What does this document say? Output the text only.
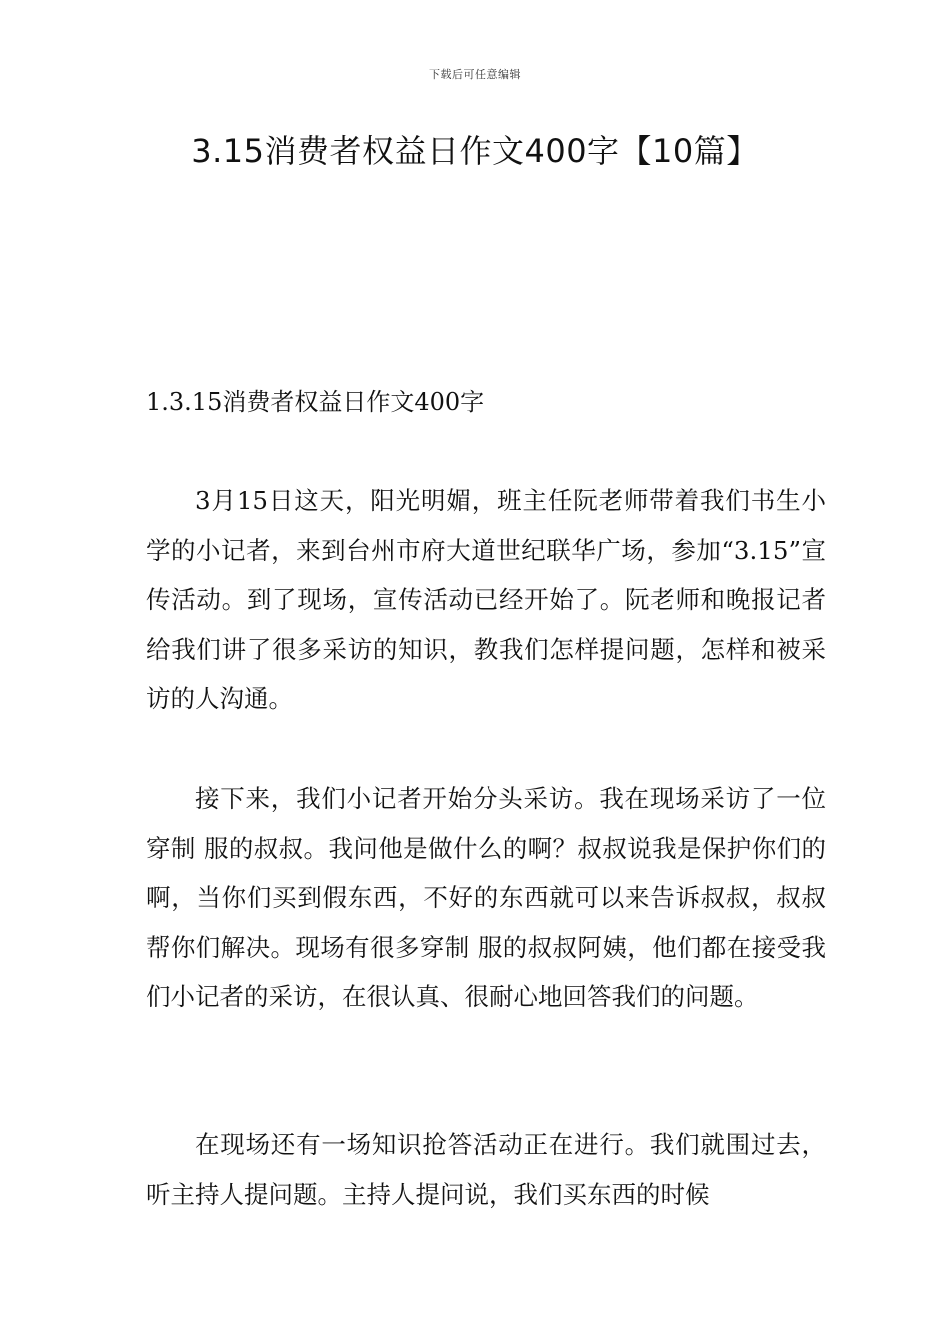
下载后可任意编辑
3.15消费者权益日作文400字【10篇】
1.3.15消费者权益日作文400字

3月15日这天，阳光明媚，班主任阮老师带着我们书生小学的小记者，来到台州市府大道世纪联华广场，参加“3.15”宣传活动。到了现场，宣传活动已经开始了。阮老师和晚报记者给我们讲了很多采访的知识，教我们怎样提问题，怎样和被采访的人沟通。

接下来，我们小记者开始分头采访。我在现场采访了一位穿制 服的叔叔。我问他是做什么的啊？叔叔说我是保护你们的啊，当你们买到假东西，不好的东西就可以来告诉叔叔，叔叔帮你们解决。现场有很多穿制 服的叔叔阿姨，他们都在接受我们小记者的采访，在很认真、很耐心地回答我们的问题。

在现场还有一场知识抢答活动正在进行。我们就围过去，听主持人提问题。主持人提问说，我们买东西的时候
